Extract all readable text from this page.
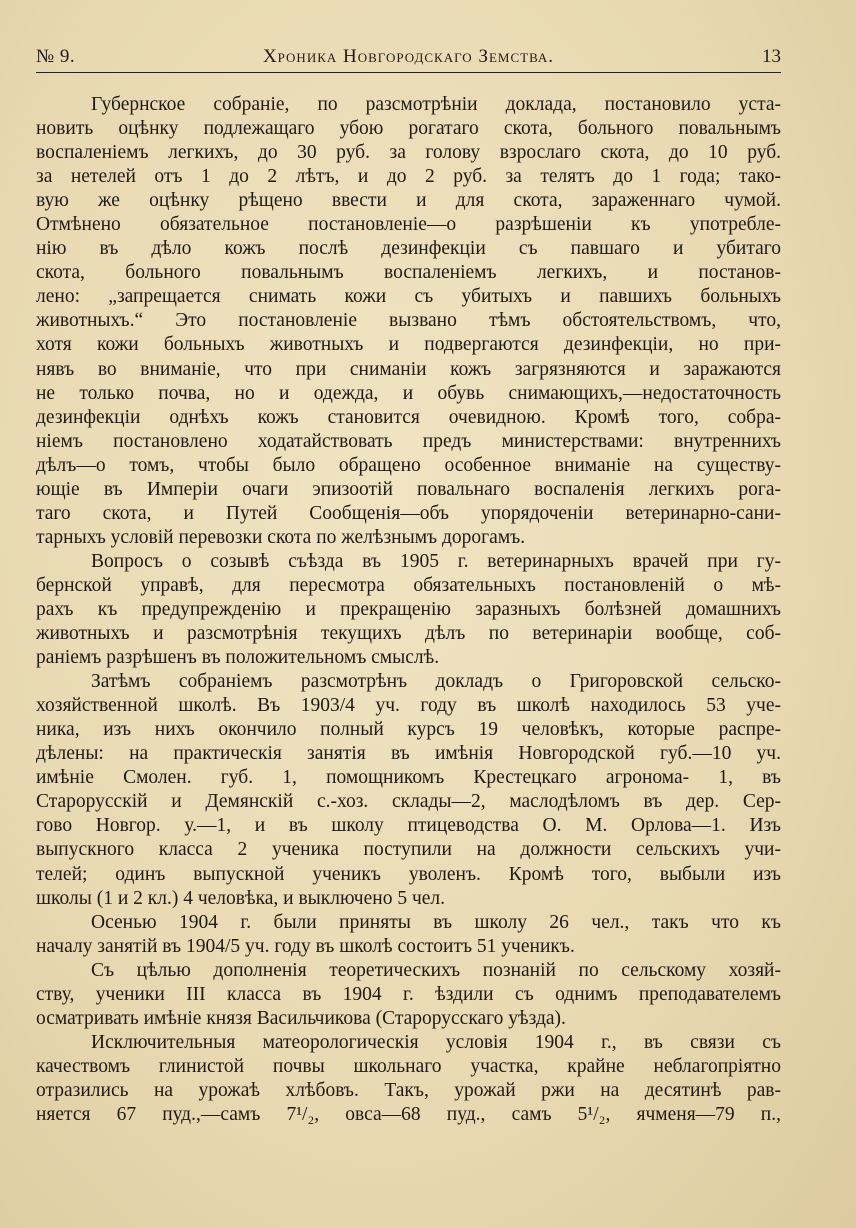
№ 9.	Хроника Новгородскаго Земства.	13
Губернское собраніе, по разсмотрѣніи доклада, постановило уста-
новить оцѣнку подлежащаго убою рогатаго скота, больного повальнымъ
воспаленіемъ легкихъ, до 30 руб. за голову взрослаго скота, до 10 руб.
за нетелей отъ 1 до 2 лѣтъ, и до 2 руб. за телятъ до 1 года; тако-
вую же оцѣнку рѣщено ввести и для скота, зараженнаго чумой.
Отмѣнено обязательное постановленіе—о разрѣшеніи къ употребле-
нію въ дѣло кожъ послѣ дезинфекціи съ павшаго и убитаго
скота, больного повальнымъ воспаленіемъ легкихъ, и постанов-
лено: „запрещается снимать кожи съ убитыхъ и павшихъ больныхъ
животныхъ.“ Это постановленіе вызвано тѣмъ обстоятельствомъ, что,
хотя кожи больныхъ животныхъ и подвергаются дезинфекціи, но при-
нявъ во вниманіе, что при сниманіи кожъ загрязняются и заражаются
не только почва, но и одежда, и обувь снимающихъ,—недостаточность
дезинфекціи однѣхъ кожъ становится очевидною. Кромѣ того, собра-
ніемъ постановлено ходатайствовать предъ министерствами: внутреннихъ
дѣлъ—о томъ, чтобы было обращено особенное вниманіе на существу-
ющіе въ Имперіи очаги эпизоотій повальнаго воспаленія легкихъ рога-
таго скота, и Путей Сообщенія—объ упорядоченіи ветеринарно-сани-
тарныхъ условій перевозки скота по желѣзнымъ дорогамъ.
Вопросъ о созывѣ съѣзда въ 1905 г. ветеринарныхъ врачей при гу-
бернской управѣ, для пересмотра обязательныхъ постановленій о мѣ-
рахъ къ предупрежденію и прекращенію заразныхъ болѣзней домашнихъ
животныхъ и разсмотрѣнія текущихъ дѣлъ по ветеринаріи вообще, соб-
раніемъ разрѣшенъ въ положительномъ смыслѣ.
Затѣмъ собраніемъ разсмотрѣнъ докладъ о Григоровской сельско-
хозяйственной школѣ. Въ 1903/4 уч. году въ школѣ находилось 53 уче-
ника, изъ нихъ окончило полный курсъ 19 человѣкъ, которые распре-
дѣлены: на практическія занятія въ имѣнія Новгородской губ.—10 уч.
имѣніе Смолен. губ. 1, помощникомъ Крестецкаго агронома- 1, въ
Старорусскій и Демянскій с.-хоз. склады—2, маслодѣломъ въ дер. Сер-
гово Новгор. у.—1, и въ школу птицеводства О. М. Орлова—1. Изъ
выпускного класса 2 ученика поступили на должности сельскихъ учи-
телей; одинъ выпускной ученикъ уволенъ. Кромѣ того, выбыли изъ
школы (1 и 2 кл.) 4 человѣка, и выключено 5 чел.
Осенью 1904 г. были приняты въ школу 26 чел., такъ что къ
началу занятій въ 1904/5 уч. году въ школѣ состоитъ 51 ученикъ.
Съ цѣлью дополненія теоретическихъ познаній по сельскому хозяй-
ству, ученики III класса въ 1904 г. ѣздили съ однимъ преподавателемъ
осматривать имѣніе князя Васильчикова (Старорусскаго уѣзда).
Исключительныя матеорологическія условія 1904 г., въ связи съ
качествомъ глинистой почвы школьнаго участка, крайне неблагопріятно
отразились на урожаѣ хлѣбовъ. Такъ, урожай ржи на десятинѣ рав-
няется 67 пуд.,—самъ 7¹/₂, овса—68 пуд., самъ 5¹/₂, ячменя—79 п.,
